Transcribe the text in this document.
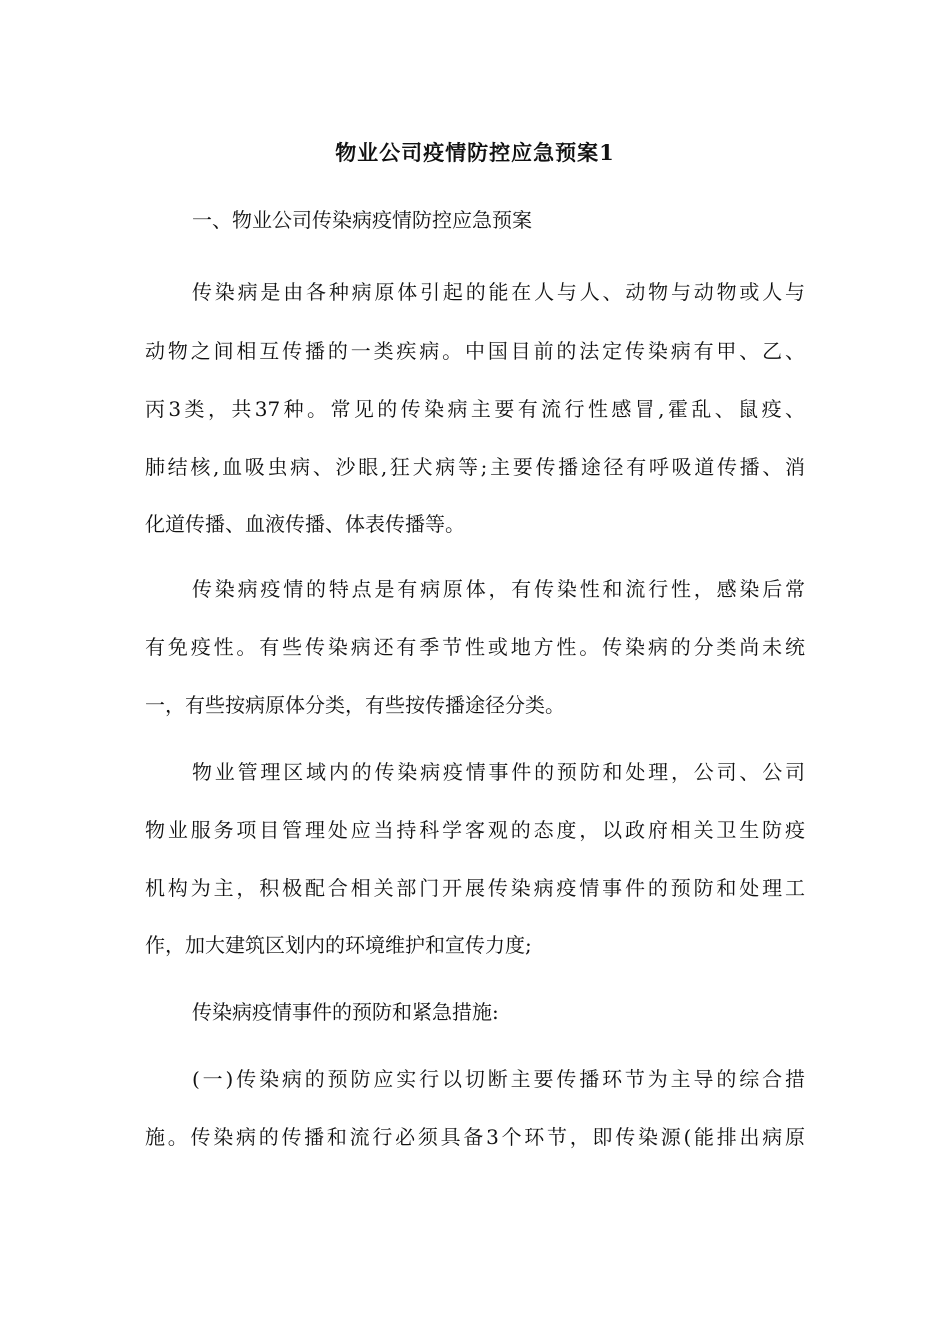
物业公司疫情防控应急预案1
一、物业公司传染病疫情防控应急预案
传染病是由各种病原体引起的能在人与人、动物与动物或人与
动物之间相互传播的一类疾病。中国目前的法定传染病有甲、乙、
丙3类，共37种。常见的传染病主要有流行性感冒,霍乱、鼠疫、
肺结核,血吸虫病、沙眼,狂犬病等;主要传播途径有呼吸道传播、消
化道传播、血液传播、体表传播等。
传染病疫情的特点是有病原体，有传染性和流行性，感染后常
有免疫性。有些传染病还有季节性或地方性。传染病的分类尚未统
一，有些按病原体分类，有些按传播途径分类。
物业管理区域内的传染病疫情事件的预防和处理，公司、公司
物业服务项目管理处应当持科学客观的态度，以政府相关卫生防疫
机构为主，积极配合相关部门开展传染病疫情事件的预防和处理工
作，加大建筑区划内的环境维护和宣传力度;
传染病疫情事件的预防和紧急措施:
(一)传染病的预防应实行以切断主要传播环节为主导的综合措
施。传染病的传播和流行必须具备3个环节，即传染源(能排出病原
